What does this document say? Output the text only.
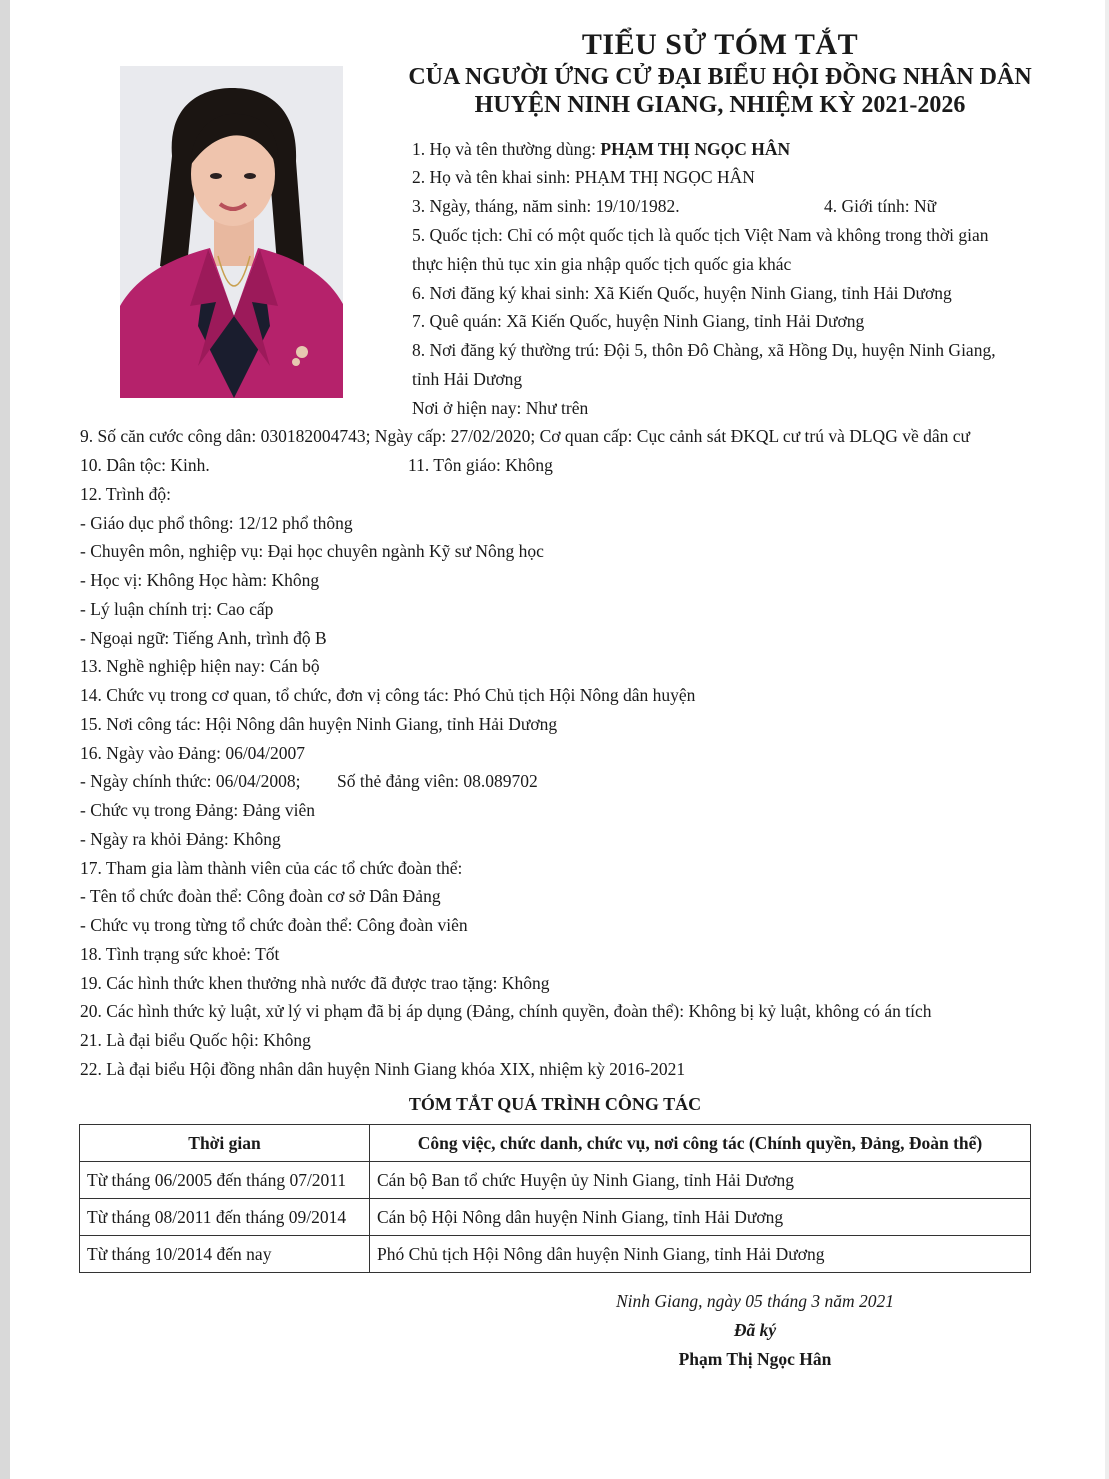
TIỂU SỬ TÓM TẮT
CỦA NGƯỜI ỨNG CỬ ĐẠI BIỂU HỘI ĐỒNG NHÂN DÂN
HUYỆN NINH GIANG, NHIỆM KỲ 2021-2026
1. Họ và tên thường dùng: PHẠM THỊ NGỌC HÂN
2. Họ và tên khai sinh: PHẠM THỊ NGỌC HÂN
3. Ngày, tháng, năm sinh: 19/10/1982.	4. Giới tính: Nữ
5. Quốc tịch: Chỉ có một quốc tịch là quốc tịch Việt Nam và không trong thời gian
thực hiện thủ tục xin gia nhập quốc tịch quốc gia khác
6. Nơi đăng ký khai sinh: Xã Kiến Quốc, huyện Ninh Giang, tỉnh Hải Dương
7. Quê quán: Xã Kiến Quốc, huyện Ninh Giang, tỉnh Hải Dương
8. Nơi đăng ký thường trú: Đội 5, thôn Đô Chàng, xã Hồng Dụ, huyện Ninh Giang,
tỉnh Hải Dương
Nơi ở hiện nay: Như trên
9. Số căn cước công dân: 030182004743; Ngày cấp: 27/02/2020; Cơ quan cấp: Cục cảnh sát ĐKQL cư trú và DLQG về dân cư
10. Dân tộc: Kinh.	11. Tôn giáo: Không
12. Trình độ:
- Giáo dục phổ thông: 12/12 phổ thông
- Chuyên môn, nghiệp vụ: Đại học chuyên ngành Kỹ sư Nông học
- Học vị: Không Học hàm: Không
- Lý luận chính trị: Cao cấp
- Ngoại ngữ: Tiếng Anh, trình độ B
13. Nghề nghiệp hiện nay: Cán bộ
14. Chức vụ trong cơ quan, tổ chức, đơn vị công tác: Phó Chủ tịch Hội Nông dân huyện
15. Nơi công tác: Hội Nông dân huyện Ninh Giang, tỉnh Hải Dương
16. Ngày vào Đảng: 06/04/2007
- Ngày chính thức: 06/04/2008; Số thẻ đảng viên: 08.089702
- Chức vụ trong Đảng: Đảng viên
- Ngày ra khỏi Đảng: Không
17. Tham gia làm thành viên của các tổ chức đoàn thể:
- Tên tổ chức đoàn thể: Công đoàn cơ sở Dân Đảng
- Chức vụ trong từng tổ chức đoàn thể: Công đoàn viên
18. Tình trạng sức khoẻ: Tốt
19. Các hình thức khen thưởng nhà nước đã được trao tặng: Không
20. Các hình thức kỷ luật, xử lý vi phạm đã bị áp dụng (Đảng, chính quyền, đoàn thể): Không bị kỷ luật, không có án tích
21. Là đại biểu Quốc hội: Không
22. Là đại biểu Hội đồng nhân dân huyện Ninh Giang khóa XIX, nhiệm kỳ 2016-2021
TÓM TẮT QUÁ TRÌNH CÔNG TÁC
Thời gian	Công việc, chức danh, chức vụ, nơi công tác (Chính quyền, Đảng, Đoàn thể)
Từ tháng 06/2005 đến tháng 07/2011	Cán bộ Ban tổ chức Huyện ủy Ninh Giang, tỉnh Hải Dương
Từ tháng 08/2011 đến tháng 09/2014	Cán bộ Hội Nông dân huyện Ninh Giang, tỉnh Hải Dương
Từ tháng 10/2014 đến nay	Phó Chủ tịch Hội Nông dân huyện Ninh Giang, tỉnh Hải Dương
Ninh Giang, ngày 05 tháng 3 năm 2021
Đã ký
Phạm Thị Ngọc Hân
